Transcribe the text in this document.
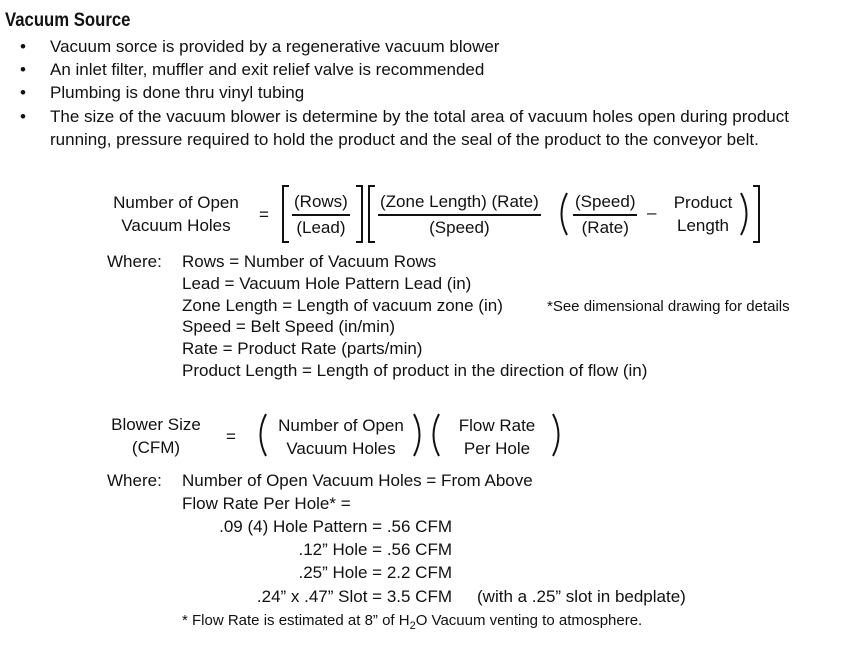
Vacuum Source
• Vacuum sorce is provided by a regenerative vacuum blower
• An inlet filter, muffler and exit relief valve is recommended
• Plumbing is done thru vinyl tubing
• The size of the vacuum blower is determine by the total area of vacuum holes open during product
running, pressure required to hold the product and the seal of the product to the conveyor belt.
Number of Open
Vacuum Holes
=
(Rows)
(Lead)
(Zone Length) (Rate)
(Speed)
(Speed)
(Rate)
–
Product
Length
Where: Rows = Number of Vacuum Rows
Lead = Vacuum Hole Pattern Lead (in)
Zone Length = Length of vacuum zone (in)	*See dimensional drawing for details
Speed = Belt Speed (in/min)
Rate = Product Rate (parts/min)
Product Length = Length of product in the direction of flow (in)
Blower Size
(CFM)
=
Number of Open
Vacuum Holes
Flow Rate
Per Hole
Where: Number of Open Vacuum Holes = From Above
Flow Rate Per Hole* =
.09 (4) Hole Pattern = .56 CFM
.12” Hole = .56 CFM
.25” Hole = 2.2 CFM
.24” x .47” Slot = 3.5 CFM (with a .25” slot in bedplate)
* Flow Rate is estimated at 8” of $H_2O$ Vacuum venting to atmosphere.
